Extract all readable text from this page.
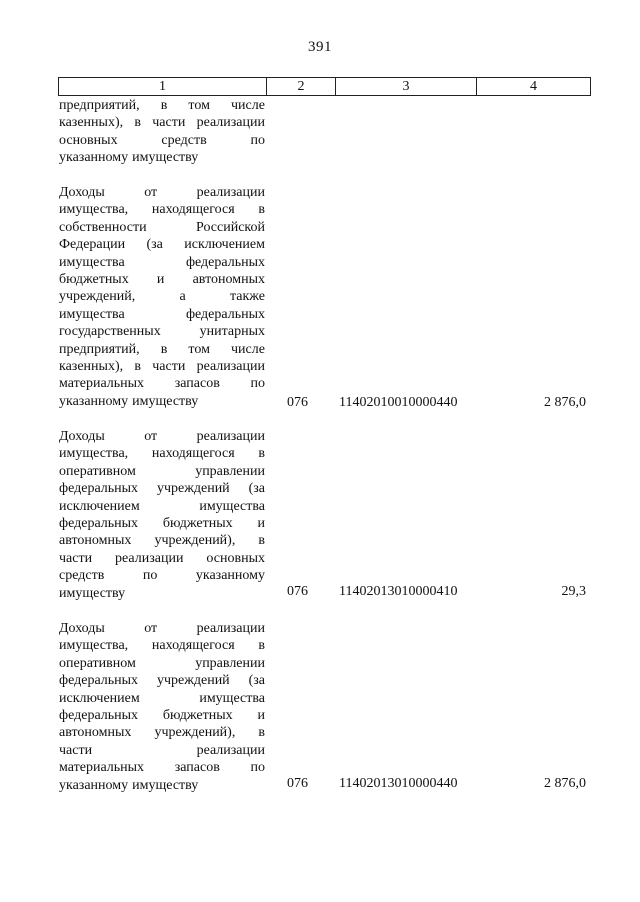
391
1	2	3	4
предприятий, в том числе
казенных), в части реализации
основных	средств	по
указанному имуществу
Доходы	от	реализации
имущества, находящегося в
собственности	Российской
Федерации (за исключением
имущества	федеральных
бюджетных и автономных
учреждений,	а	также
имущества	федеральных
государственных	унитарных
предприятий, в том числе
казенных), в части реализации
материальных запасов по
указанному имуществу	076 11402010010000440	2 876,0
Доходы	от	реализации
имущества, находящегося в
оперативном	управлении
федеральных учреждений (за
исключением	имущества
федеральных бюджетных и
автономных учреждений), в
части реализации основных
средств	по	указанному
имуществу	076 11402013010000410	29,3
Доходы	от	реализации
имущества, находящегося в
оперативном	управлении
федеральных учреждений (за
исключением	имущества
федеральных бюджетных и
автономных учреждений), в
части	реализации
материальных запасов по
указанному имуществу	076 11402013010000440	2 876,0
